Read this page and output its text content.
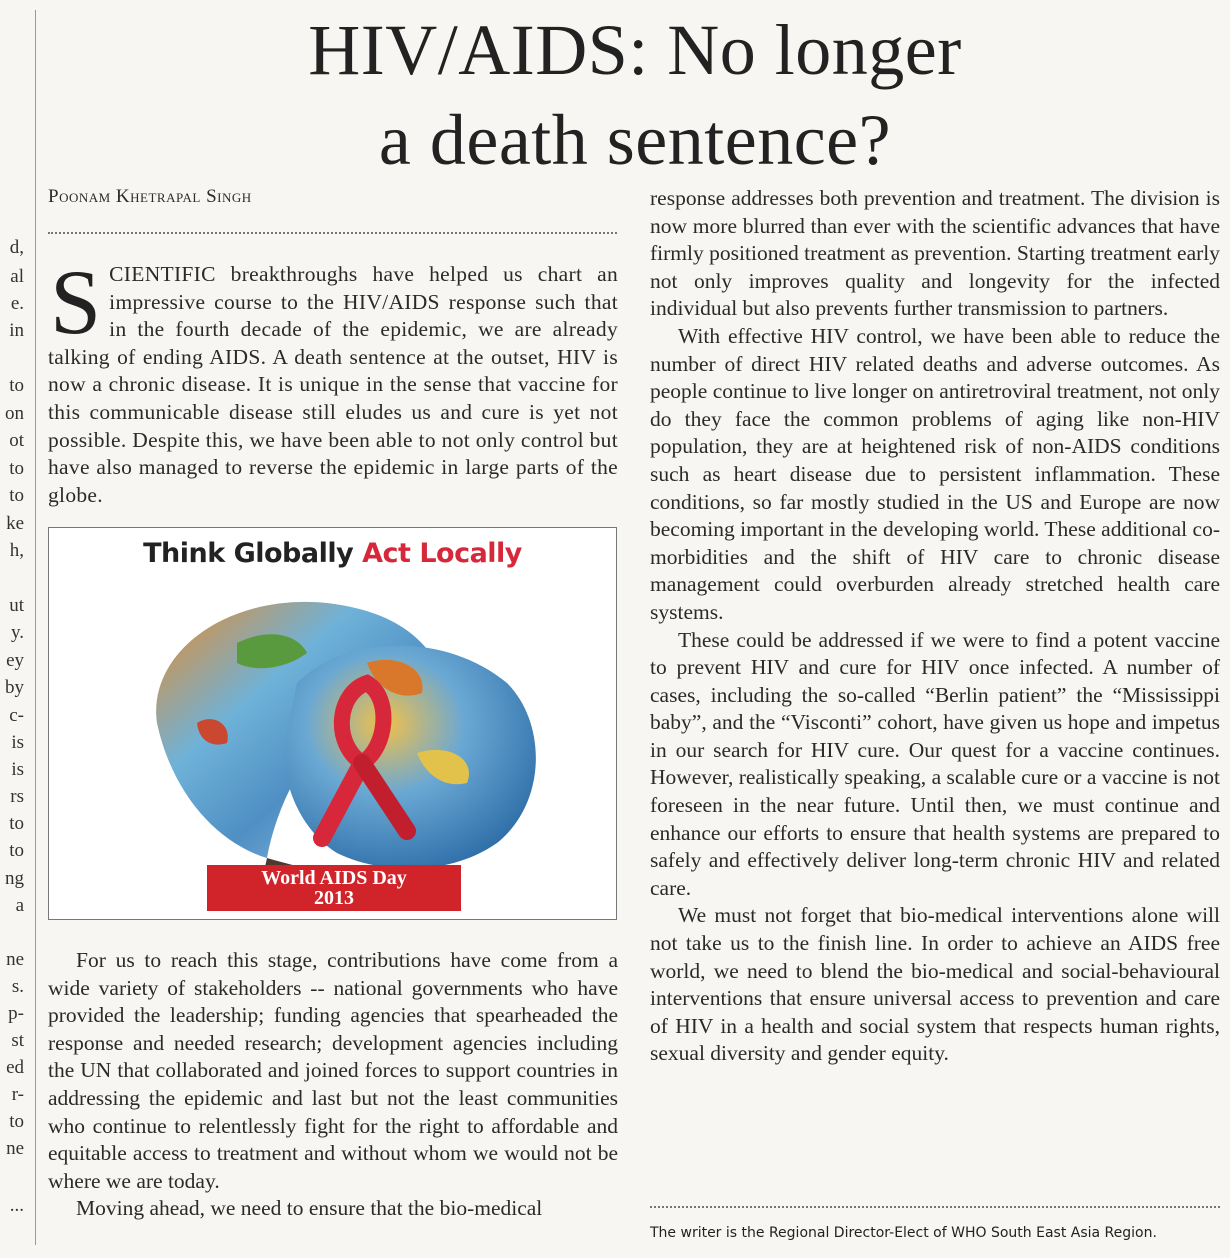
d,
al
e.
in
to
on
ot
to
to
ke
h,
ut
y.
ey
by
c-
is
is
rs
to
to
ng
a
ne
s.
p-
st
ed
r-
to
ne
...
HIV/AIDS: No longer
a death sentence?
Poonam Khetrapal Singh

SCIENTIFIC breakthroughs have helped us chart an impressive course to the HIV/AIDS response such that in the fourth decade of the epidemic, we are already talking of ending AIDS. A death sentence at the outset, HIV is now a chronic disease. It is unique in the sense that vaccine for this communicable disease still eludes us and cure is yet not possible. Despite this, we have been able to not only control but have also managed to reverse the epidemic in large parts of the globe.

Think Globally Act Locally
World AIDS Day
2013

For us to reach this stage, contributions have come from a wide variety of stakeholders -- national governments who have provided the leadership; funding agencies that spearheaded the response and needed research; development agencies including the UN that collaborated and joined forces to support countries in addressing the epidemic and last but not the least communities who continue to relentlessly fight for the right to affordable and equitable access to treatment and without whom we would not be where we are today.

Moving ahead, we need to ensure that the bio-medical

response addresses both prevention and treatment. The division is now more blurred than ever with the scientific advances that have firmly positioned treatment as prevention. Starting treatment early not only improves quality and longevity for the infected individual but also prevents further transmission to partners.

With effective HIV control, we have been able to reduce the number of direct HIV related deaths and adverse outcomes. As people continue to live longer on antiretroviral treatment, not only do they face the common problems of aging like non-HIV population, they are at heightened risk of non-AIDS conditions such as heart disease due to persistent inflammation. These conditions, so far mostly studied in the US and Europe are now becoming important in the developing world. These additional co-morbidities and the shift of HIV care to chronic disease management could overburden already stretched health care systems.

These could be addressed if we were to find a potent vaccine to prevent HIV and cure for HIV once infected. A number of cases, including the so-called “Berlin patient” the “Mississippi baby”, and the “Visconti” cohort, have given us hope and impetus in our search for HIV cure. Our quest for a vaccine continues. However, realistically speaking, a scalable cure or a vaccine is not foreseen in the near future. Until then, we must continue and enhance our efforts to ensure that health systems are prepared to safely and effectively deliver long-term chronic HIV and related care.

We must not forget that bio-medical interventions alone will not take us to the finish line. In order to achieve an AIDS free world, we need to blend the bio-medical and social-behavioural interventions that ensure universal access to prevention and care of HIV in a health and social system that respects human rights, sexual diversity and gender equity.

The writer is the Regional Director-Elect of WHO South East Asia Region.
